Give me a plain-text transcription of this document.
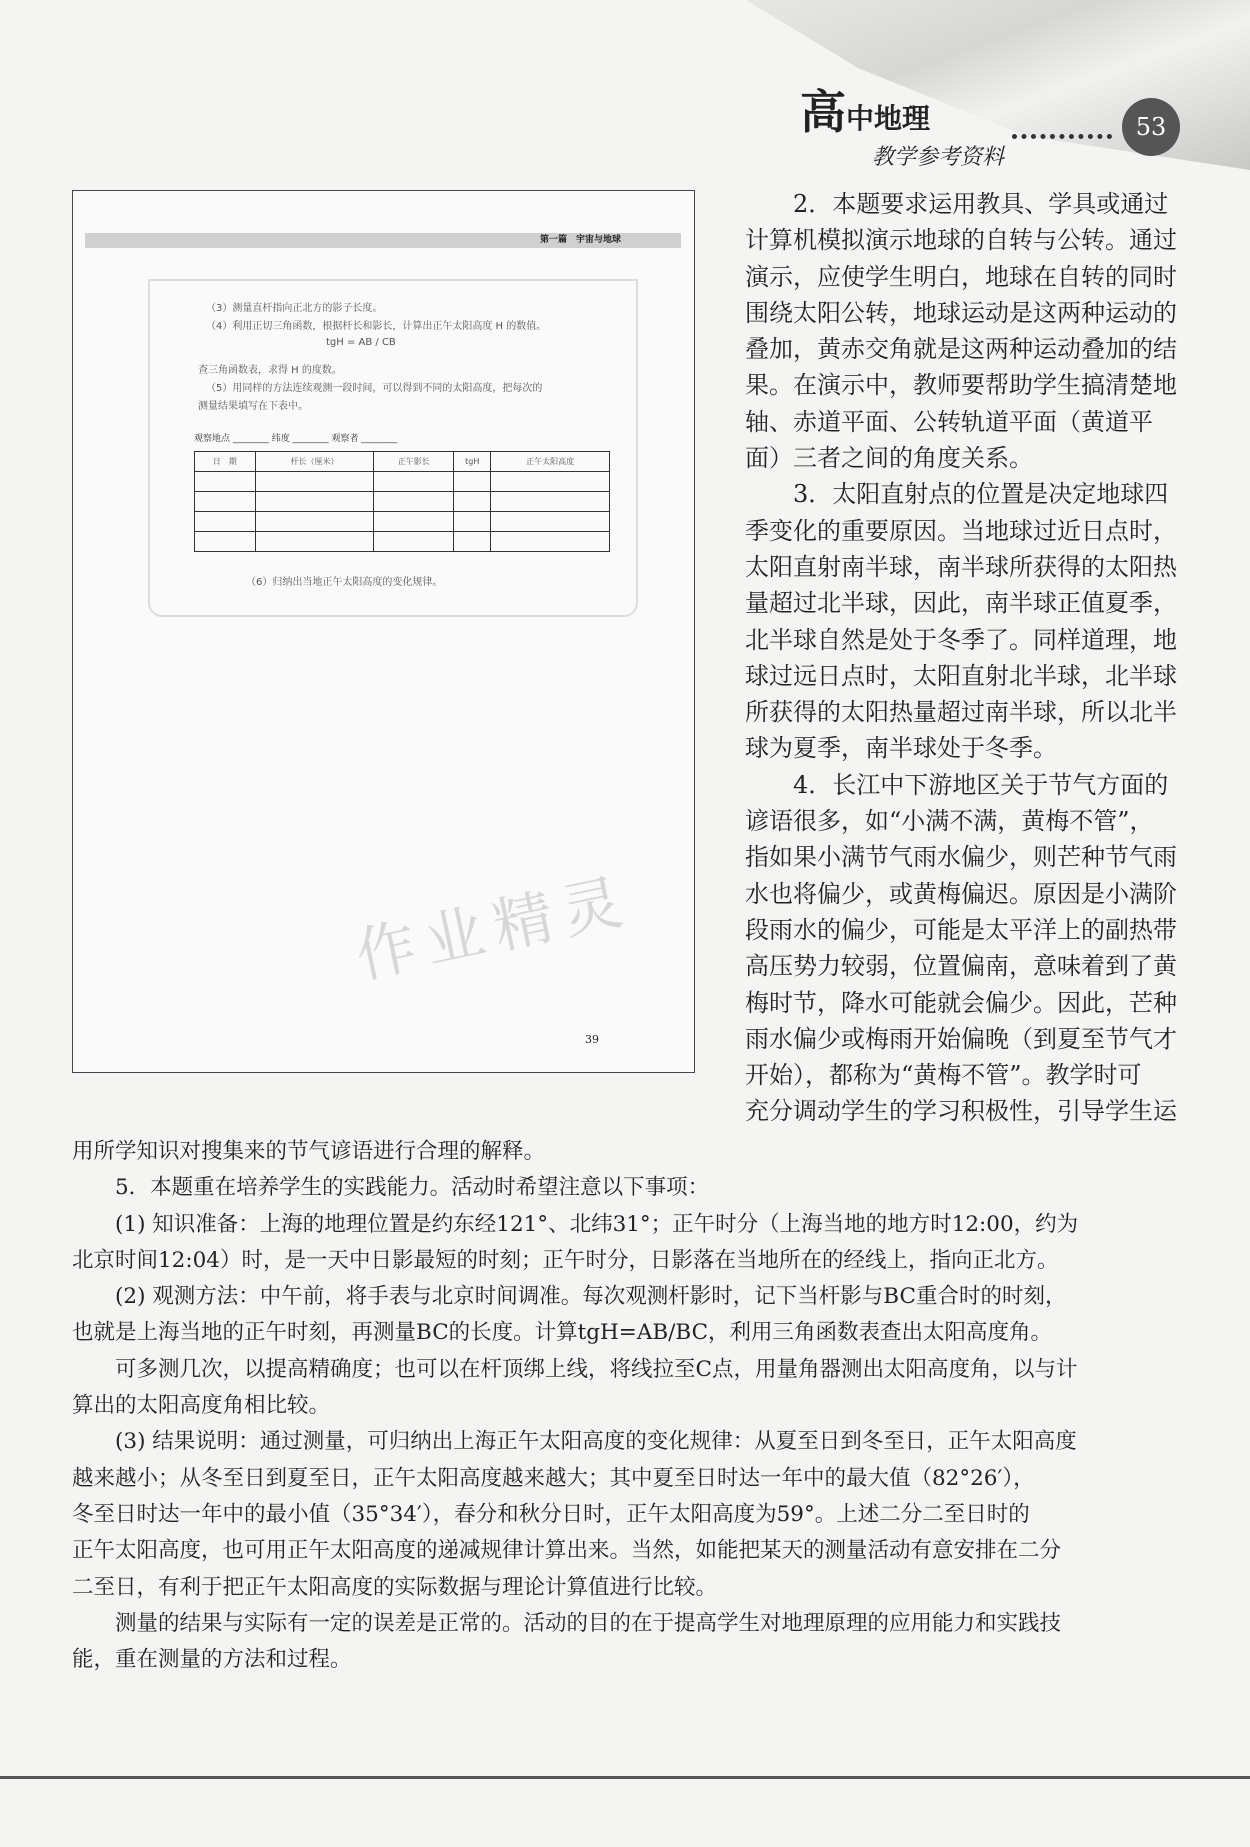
高中地理
教学参考资料
53
第一篇　宇宙与地球

（3）测量直杆指向正北方的影子长度。

（4）利用正切三角函数，根据杆长和影长，计算出正午太阳高度 H 的数值。

tgH = AB / CB

查三角函数表，求得 H 的度数。

（5）用同样的方法连续观测一段时间，可以得到不同的太阳高度，把每次的

测量结果填写在下表中。

观察地点 ________ 纬度 ________ 观察者 ________

日　期	杆长（厘米）	正午影长	tgH	正午太阳高度

（6）归纳出当地正午太阳高度的变化规律。

作业精灵
39
　　2．本题要求运用教具、学具或通过
计算机模拟演示地球的自转与公转。通过
演示，应使学生明白，地球在自转的同时
围绕太阳公转，地球运动是这两种运动的
叠加，黄赤交角就是这两种运动叠加的结
果。在演示中，教师要帮助学生搞清楚地
轴、赤道平面、公转轨道平面（黄道平
面）三者之间的角度关系。
　　3．太阳直射点的位置是决定地球四
季变化的重要原因。当地球过近日点时，
太阳直射南半球，南半球所获得的太阳热
量超过北半球，因此，南半球正值夏季，
北半球自然是处于冬季了。同样道理，地
球过远日点时，太阳直射北半球，北半球
所获得的太阳热量超过南半球，所以北半
球为夏季，南半球处于冬季。
　　4．长江中下游地区关于节气方面的
谚语很多，如“小满不满，黄梅不管”，
指如果小满节气雨水偏少，则芒种节气雨
水也将偏少，或黄梅偏迟。原因是小满阶
段雨水的偏少，可能是太平洋上的副热带
高压势力较弱，位置偏南，意味着到了黄
梅时节，降水可能就会偏少。因此，芒种
雨水偏少或梅雨开始偏晚（到夏至节气才
开始），都称为“黄梅不管”。教学时可
充分调动学生的学习积极性，引导学生运
用所学知识对搜集来的节气谚语进行合理的解释。
　　5．本题重在培养学生的实践能力。活动时希望注意以下事项：
　　(1) 知识准备：上海的地理位置是约东经121°、北纬31°；正午时分（上海当地的地方时12:00，约为
北京时间12:04）时，是一天中日影最短的时刻；正午时分，日影落在当地所在的经线上，指向正北方。
　　(2) 观测方法：中午前，将手表与北京时间调准。每次观测杆影时，记下当杆影与BC重合时的时刻，
也就是上海当地的正午时刻，再测量BC的长度。计算tgH=AB/BC，利用三角函数表查出太阳高度角。
　　可多测几次，以提高精确度；也可以在杆顶绑上线，将线拉至C点，用量角器测出太阳高度角，以与计
算出的太阳高度角相比较。
　　(3) 结果说明：通过测量，可归纳出上海正午太阳高度的变化规律：从夏至日到冬至日，正午太阳高度
越来越小；从冬至日到夏至日，正午太阳高度越来越大；其中夏至日时达一年中的最大值（82°26′），
冬至日时达一年中的最小值（35°34′），春分和秋分日时，正午太阳高度为59°。上述二分二至日时的
正午太阳高度，也可用正午太阳高度的递减规律计算出来。当然，如能把某天的测量活动有意安排在二分
二至日，有利于把正午太阳高度的实际数据与理论计算值进行比较。
　　测量的结果与实际有一定的误差是正常的。活动的目的在于提高学生对地理原理的应用能力和实践技
能，重在测量的方法和过程。
